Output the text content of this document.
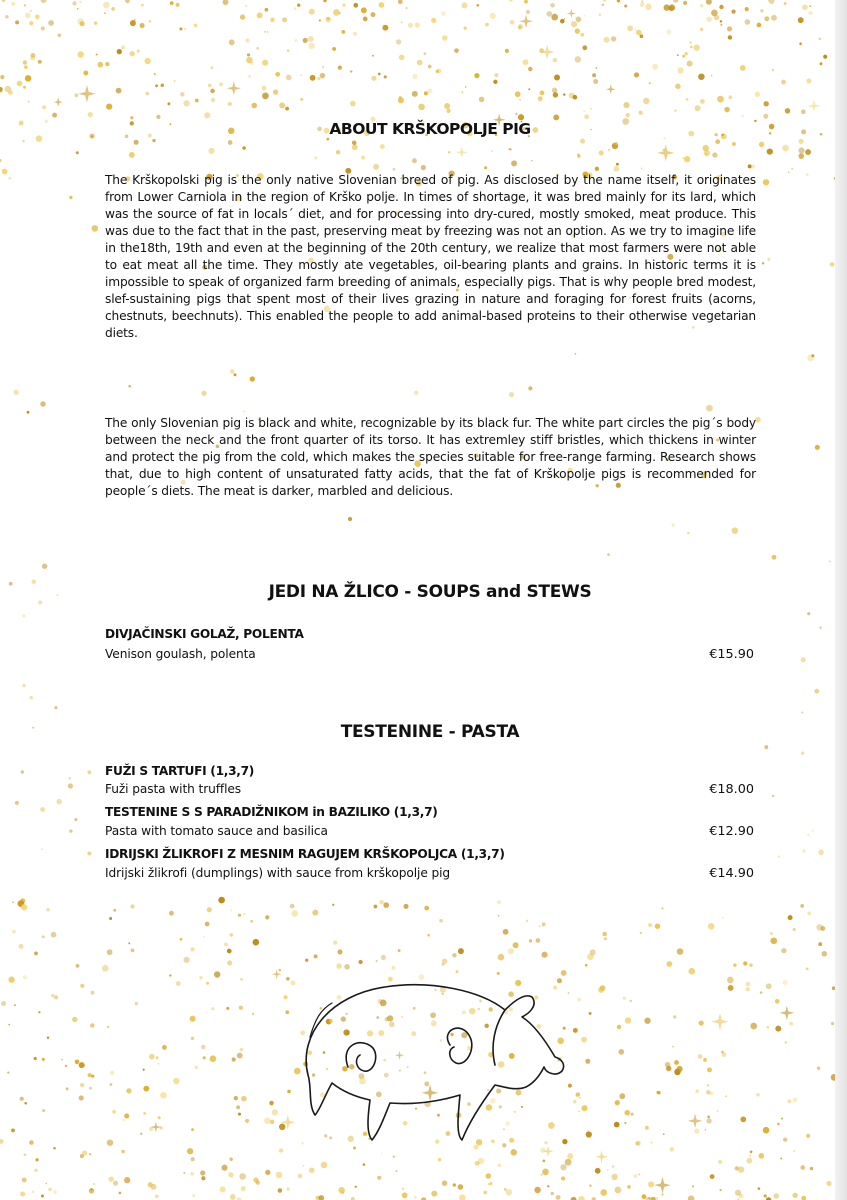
ABOUT KRŠKOPOLJE PIG

The Krškopolski pig is the only native Slovenian breed of pig. As disclosed by the name itself, it originates from Lower Carniola in the region of Krško polje. In times of shortage, it was bred mainly for its lard, which was the source of fat in locals´ diet, and for processing into dry-cured, mostly smoked, meat produce. This was due to the fact that in the past, preserving meat by freezing was not an option. As we try to imagine life in the18th, 19th and even at the beginning of the 20th century, we realize that most farmers were not able to eat meat all the time. They mostly ate vegetables, oil-bearing plants and grains. In historic terms it is impossible to speak of organized farm breeding of animals, especially pigs. That is why people bred modest, slef-sustaining pigs that spent most of their lives grazing in nature and foraging for forest fruits (acorns, chestnuts, beechnuts). This enabled the people to add animal-based proteins to their otherwise vegetarian diets.

The only Slovenian pig is black and white, recognizable by its black fur. The white part circles the pig´s body between the neck and the front quarter of its torso. It has extremley stiff bristles, which thickens in winter and protect the pig from the cold, which makes the species suitable for free-range farming. Research shows that, due to high content of unsaturated fatty acids, that the fat of Krškopolje pigs is recommended for people´s diets. The meat is darker, marbled and delicious.

JEDI NA ŽLICO - SOUPS and STEWS
DIVJAČINSKI GOLAŽ, POLENTA
Venison goulash, polenta	€15.90
TESTENINE - PASTA
FUŽI S TARTUFI (1,3,7)
Fuži pasta with truffles	€18.00
TESTENINE S S PARADIŽNIKOM in BAZILIKO (1,3,7)
Pasta with tomato sauce and basilica	€12.90
IDRIJSKI ŽLIKROFI Z MESNIM RAGUJEM KRŠKOPOLJCA (1,3,7)
Idrijski žlikrofi (dumplings) with sauce from krškopolje pig	€14.90
